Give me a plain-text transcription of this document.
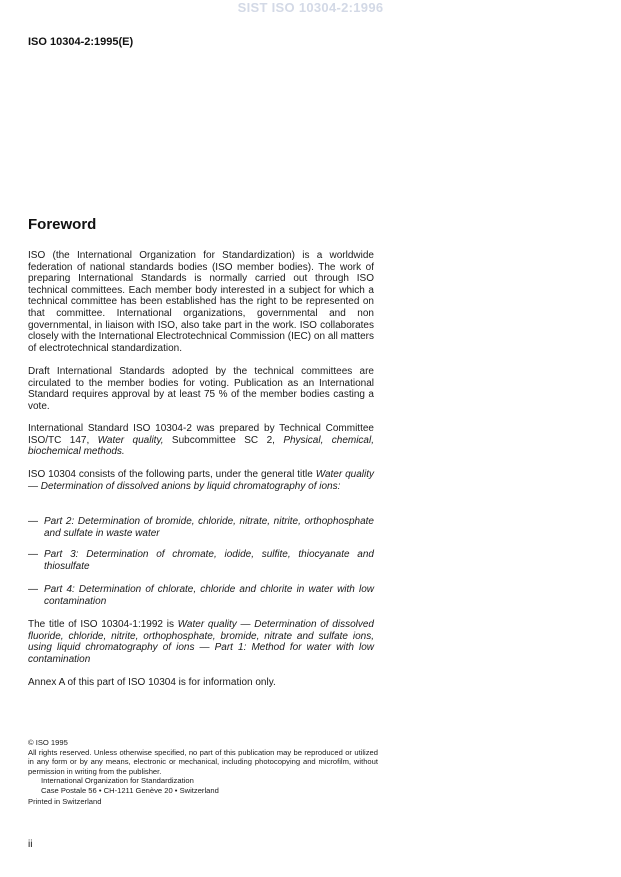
SIST ISO 10304-2:1996
ISO 10304-2:1995(E)
Foreword
ISO (the International Organization for Standardization) is a worldwide federation of national standards bodies (ISO member bodies). The work of preparing International Standards is normally carried out through ISO technical committees. Each member body interested in a subject for which a technical committee has been established has the right to be represented on that committee. International organizations, governmental and non governmental, in liaison with ISO, also take part in the work. ISO collaborates closely with the International Electrotechnical Commission (IEC) on all matters of electrotechnical standardization.
Draft International Standards adopted by the technical committees are circulated to the member bodies for voting. Publication as an International Standard requires approval by at least 75 % of the member bodies casting a vote.
International Standard ISO 10304-2 was prepared by Technical Committee ISO/TC 147, Water quality, Subcommittee SC 2, Physical, chemical, biochemical methods.
ISO 10304 consists of the following parts, under the general title Water quality — Determination of dissolved anions by liquid chromatography of ions:
— Part 2: Determination of bromide, chloride, nitrate, nitrite, orthophosphate and sulfate in waste water
— Part 3: Determination of chromate, iodide, sulfite, thiocyanate and thiosulfate
— Part 4: Determination of chlorate, chloride and chlorite in water with low contamination
The title of ISO 10304-1:1992 is Water quality — Determination of dissolved fluoride, chloride, nitrite, orthophosphate, bromide, nitrate and sulfate ions, using liquid chromatography of ions — Part 1: Method for water with low contamination
Annex A of this part of ISO 10304 is for information only.
© ISO 1995
All rights reserved. Unless otherwise specified, no part of this publication may be reproduced or utilized in any form or by any means, electronic or mechanical, including photocopying and microfilm, without permission in writing from the publisher.
International Organization for Standardization
Case Postale 56 • CH-1211 Genève 20 • Switzerland
Printed in Switzerland
ii
